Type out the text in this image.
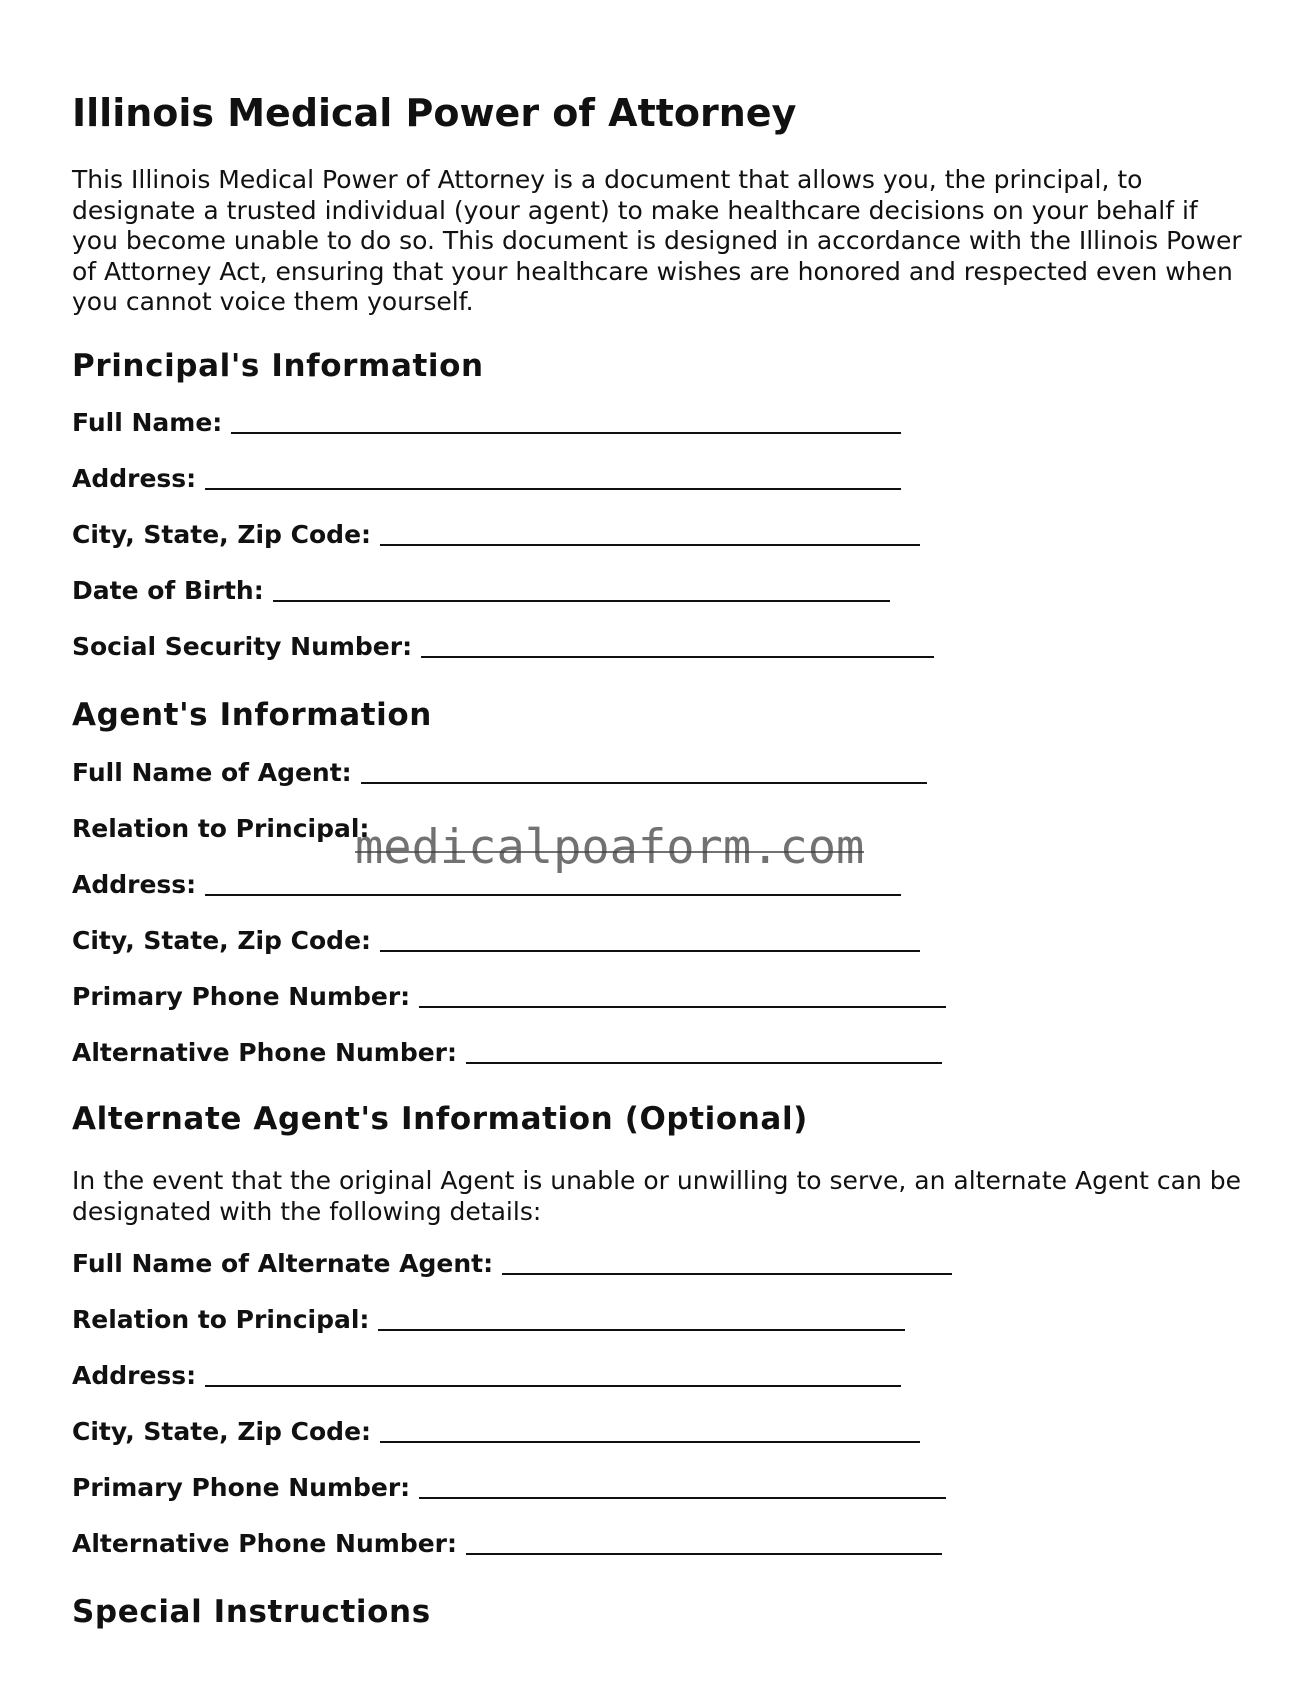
Illinois Medical Power of Attorney

This Illinois Medical Power of Attorney is a document that allows you, the principal, to designate a trusted individual (your agent) to make healthcare decisions on your behalf if you become unable to do so. This document is designed in accordance with the Illinois Power of Attorney Act, ensuring that your healthcare wishes are honored and respected even when you cannot voice them yourself.

Principal's Information
Full Name:
Address:
City, State, Zip Code:
Date of Birth:
Social Security Number:
Agent's Information
Full Name of Agent:
Relation to Principal:
Address:
City, State, Zip Code:
Primary Phone Number:
Alternative Phone Number:
Alternate Agent's Information (Optional)

In the event that the original Agent is unable or unwilling to serve, an alternate Agent can be designated with the following details:

Full Name of Alternate Agent:
Relation to Principal:
Address:
City, State, Zip Code:
Primary Phone Number:
Alternative Phone Number:
Special Instructions
medicalpoaform.com
